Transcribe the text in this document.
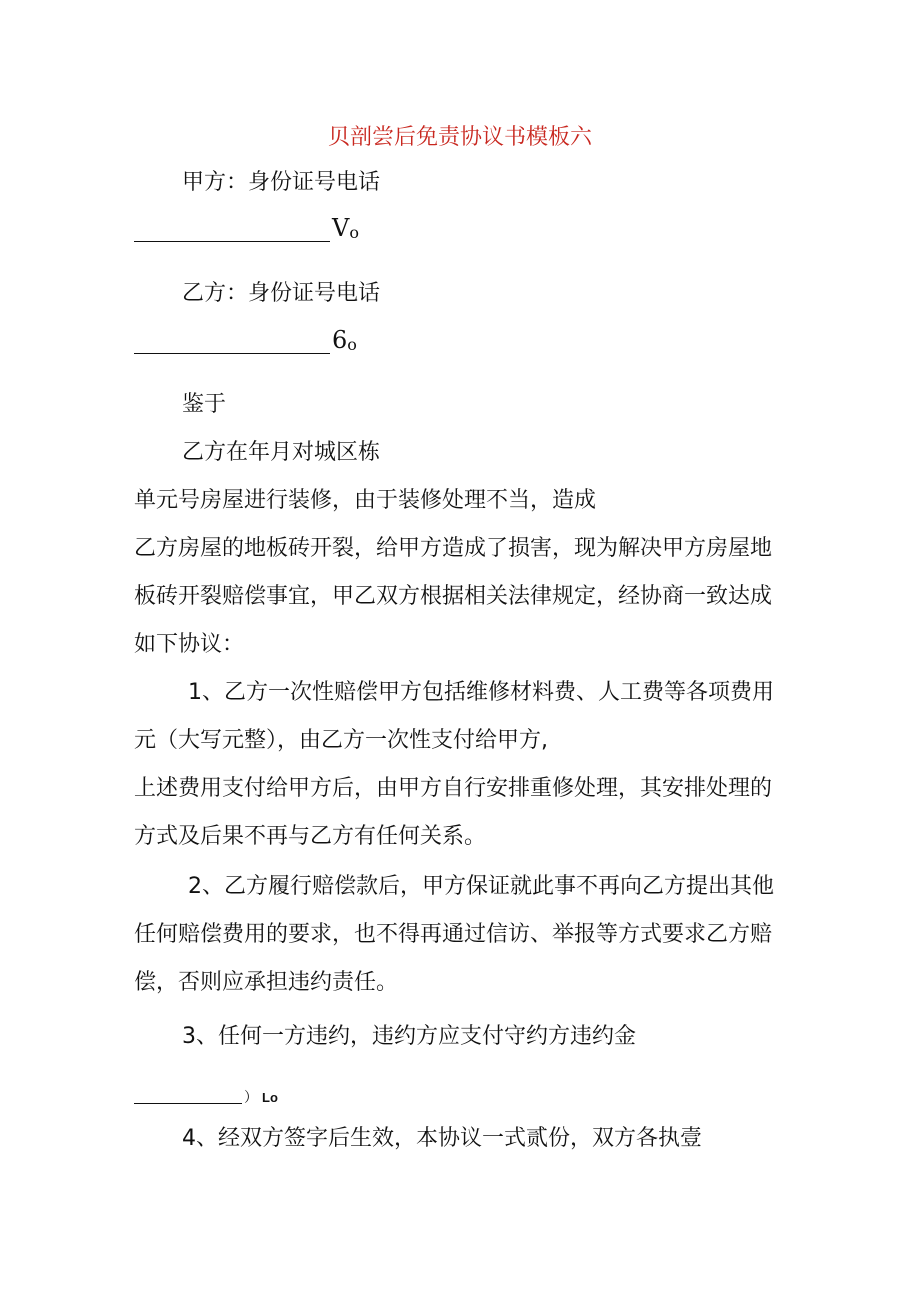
贝剖尝后免责协议书模板六
甲方：身份证号电话
Vo
乙方：身份证号电话
6o
鉴于
乙方在年月对城区栋
单元号房屋进行装修，由于装修处理不当，造成
乙方房屋的地板砖开裂，给甲方造成了损害，现为解决甲方房屋地
板砖开裂赔偿事宜，甲乙双方根据相关法律规定，经协商一致达成
如下协议：
1、乙方一次性赔偿甲方包括维修材料费、人工费等各项费用
元（大写元整），由乙方一次性支付给甲方,
上述费用支付给甲方后，由甲方自行安排重修处理，其安排处理的
方式及后果不再与乙方有任何关系。
2、乙方履行赔偿款后，甲方保证就此事不再向乙方提出其他
任何赔偿费用的要求，也不得再通过信访、举报等方式要求乙方赔
偿，否则应承担违约责任。
3、任何一方违约，违约方应支付守约方违约金
） Lo
4、经双方签字后生效，本协议一式贰份，双方各执壹
